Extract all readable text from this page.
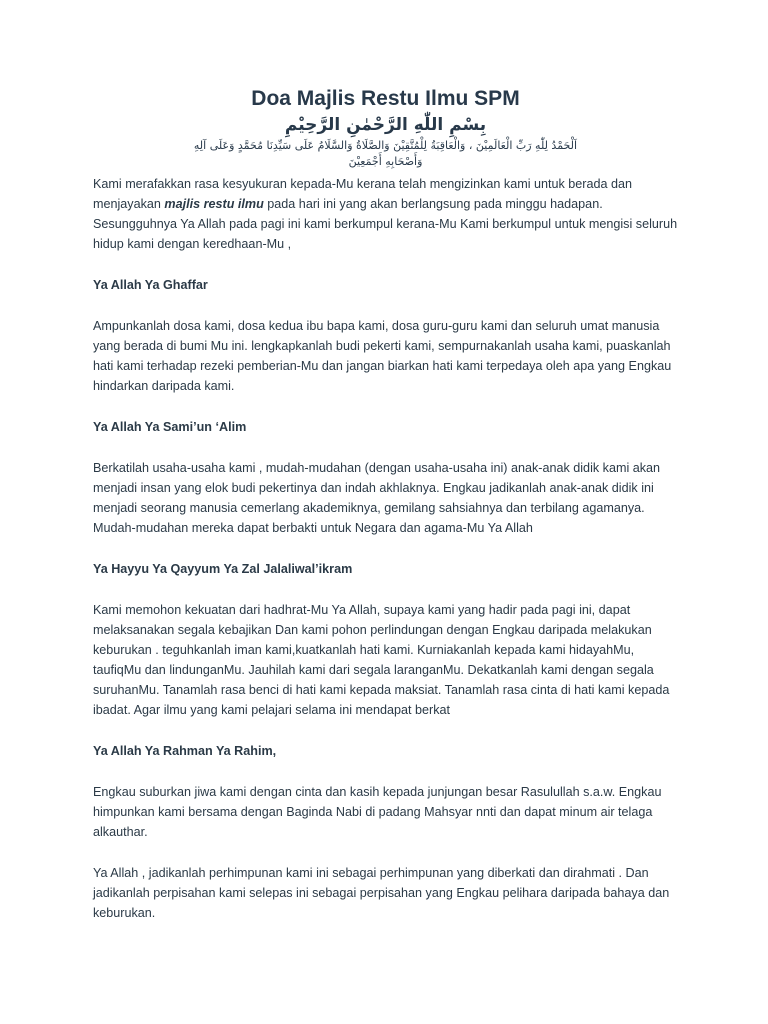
Doa Majlis Restu Ilmu SPM
بِسْمِ اللّٰهِ الرَّحْمٰنِ الرَّحِيْمِ
اَلْحَمْدُ لِلّٰهِ رَبِّ الْعَالَمِيْنَ ، وَالْعَاقِبَةُ لِلْمُتَّقِيْنَ وَالصَّلَاةُ وَالسَّلَامُ عَلَى سَيِّدِنَا مُحَمَّدٍ وَعَلَى آلِهِ
وَأَصْحَابِهِ أَجْمَعِيْنَ

Kami merafakkan rasa kesyukuran kepada-Mu kerana telah mengizinkan kami untuk berada dan menjayakan majlis restu ilmu pada hari ini yang akan berlangsung pada minggu hadapan. Sesungguhnya Ya Allah pada pagi ini kami berkumpul kerana-Mu Kami berkumpul untuk mengisi seluruh hidup kami dengan keredhaan-Mu ,

Ya Allah Ya Ghaffar

Ampunkanlah dosa kami, dosa kedua ibu bapa kami, dosa guru-guru kami dan seluruh umat manusia yang berada di bumi Mu ini. lengkapkanlah budi pekerti kami, sempurnakanlah usaha kami, puaskanlah hati kami terhadap rezeki pemberian-Mu dan jangan biarkan hati kami terpedaya oleh apa yang Engkau hindarkan daripada kami.

Ya Allah Ya Sami’un ‘Alim

Berkatilah usaha-usaha kami , mudah-mudahan (dengan usaha-usaha ini) anak-anak didik kami akan menjadi insan yang elok budi pekertinya dan indah akhlaknya. Engkau jadikanlah anak-anak didik ini menjadi seorang manusia cemerlang akademiknya, gemilang sahsiahnya dan terbilang agamanya. Mudah-mudahan mereka dapat berbakti untuk Negara dan agama-Mu Ya Allah

Ya Hayyu Ya Qayyum Ya Zal Jalaliwal’ikram

Kami memohon kekuatan dari hadhrat-Mu Ya Allah, supaya kami yang hadir pada pagi ini, dapat melaksanakan segala kebajikan Dan kami pohon perlindungan dengan Engkau daripada melakukan keburukan . teguhkanlah iman kami,kuatkanlah hati kami. Kurniakanlah kepada kami hidayahMu, taufiqMu dan lindunganMu. Jauhilah kami dari segala laranganMu. Dekatkanlah kami dengan segala suruhanMu. Tanamlah rasa benci di hati kami kepada maksiat. Tanamlah rasa cinta di hati kami kepada ibadat. Agar ilmu yang kami pelajari selama ini mendapat berkat

Ya Allah Ya Rahman Ya Rahim,

Engkau suburkan jiwa kami dengan cinta dan kasih kepada junjungan besar Rasulullah s.a.w. Engkau himpunkan kami bersama dengan Baginda Nabi di padang Mahsyar nnti dan dapat minum air telaga alkauthar.

Ya Allah , jadikanlah perhimpunan kami ini sebagai perhimpunan yang diberkati dan dirahmati . Dan jadikanlah perpisahan kami selepas ini sebagai perpisahan yang Engkau pelihara daripada bahaya dan keburukan.
